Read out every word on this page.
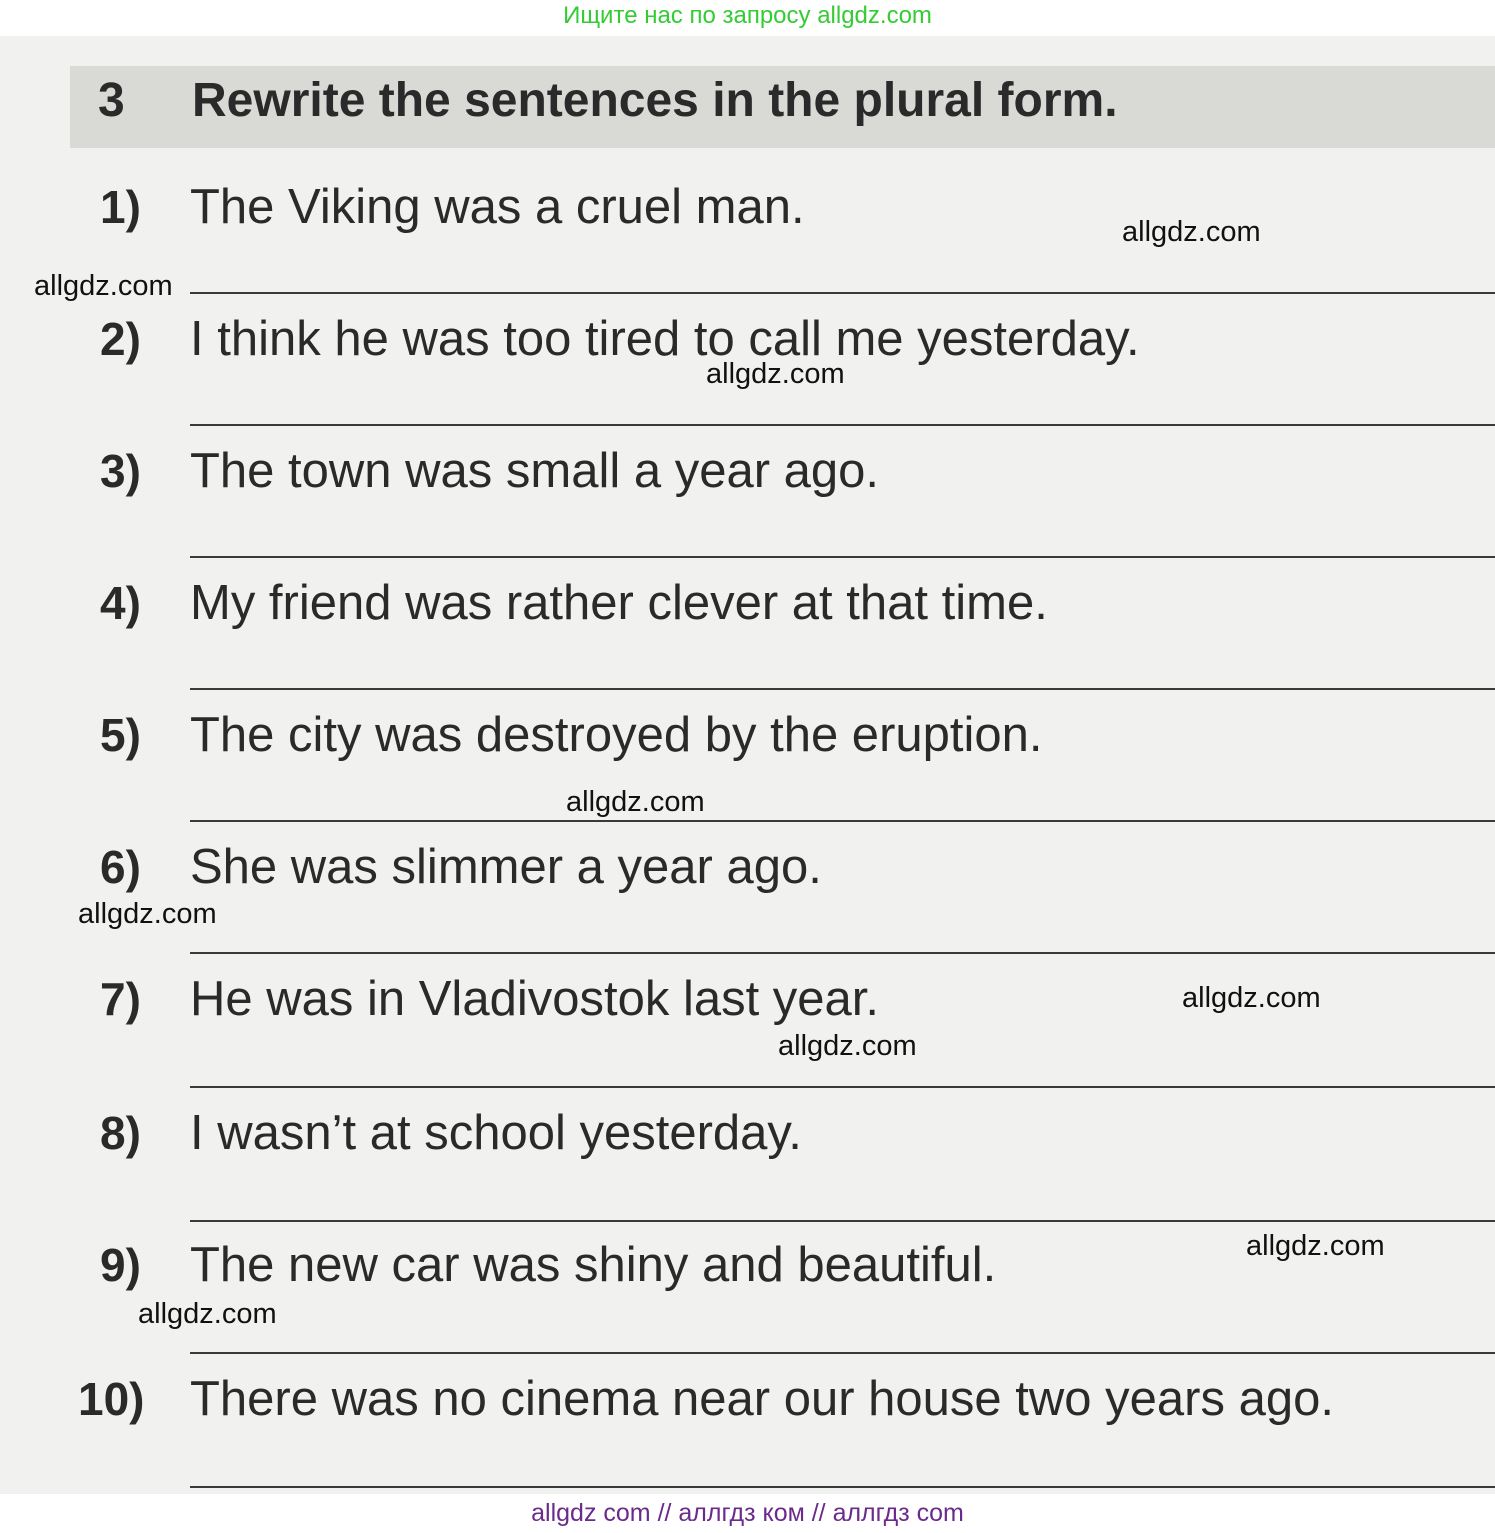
Ищите нас по запросу allgdz.com
3 Rewrite the sentences in the plural form.
1) The Viking was a cruel man.
2) I think he was too tired to call me yesterday.
3) The town was small a year ago.
4) My friend was rather clever at that time.
5) The city was destroyed by the eruption.
6) She was slimmer a year ago.
7) He was in Vladivostok last year.
8) I wasn’t at school yesterday.
9) The new car was shiny and beautiful.
10) There was no cinema near our house two years ago.
allgdz.com
allgdz.com
allgdz.com
allgdz.com
allgdz.com
allgdz.com
allgdz.com
allgdz.com
allgdz.com
allgdz com // аллгдз ком // аллгдз com
